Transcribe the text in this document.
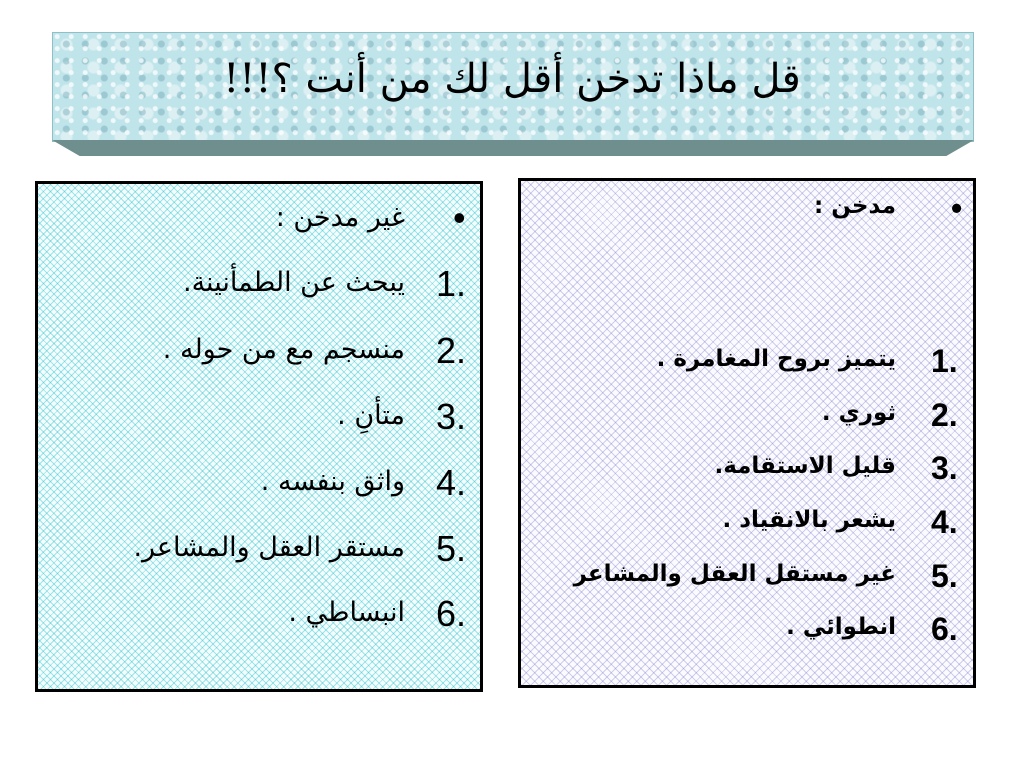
قل ماذا تدخن أقل لك من أنت ؟!!!
•
غير مدخن :
1.
يبحث عن الطمأنينة.
2.
منسجم مع من حوله .
3.
متأنِ .
4.
واثق بنفسه .
5.
مستقر العقل والمشاعر.
6.
انبساطي .
•
مدخن :
1.
يتميز بروح المغامرة .
2.
ثوري .
3.
قليل الاستقامة.
4.
يشعر بالانقياد .
5.
غير مستقل العقل والمشاعر
6.
انطوائي .
